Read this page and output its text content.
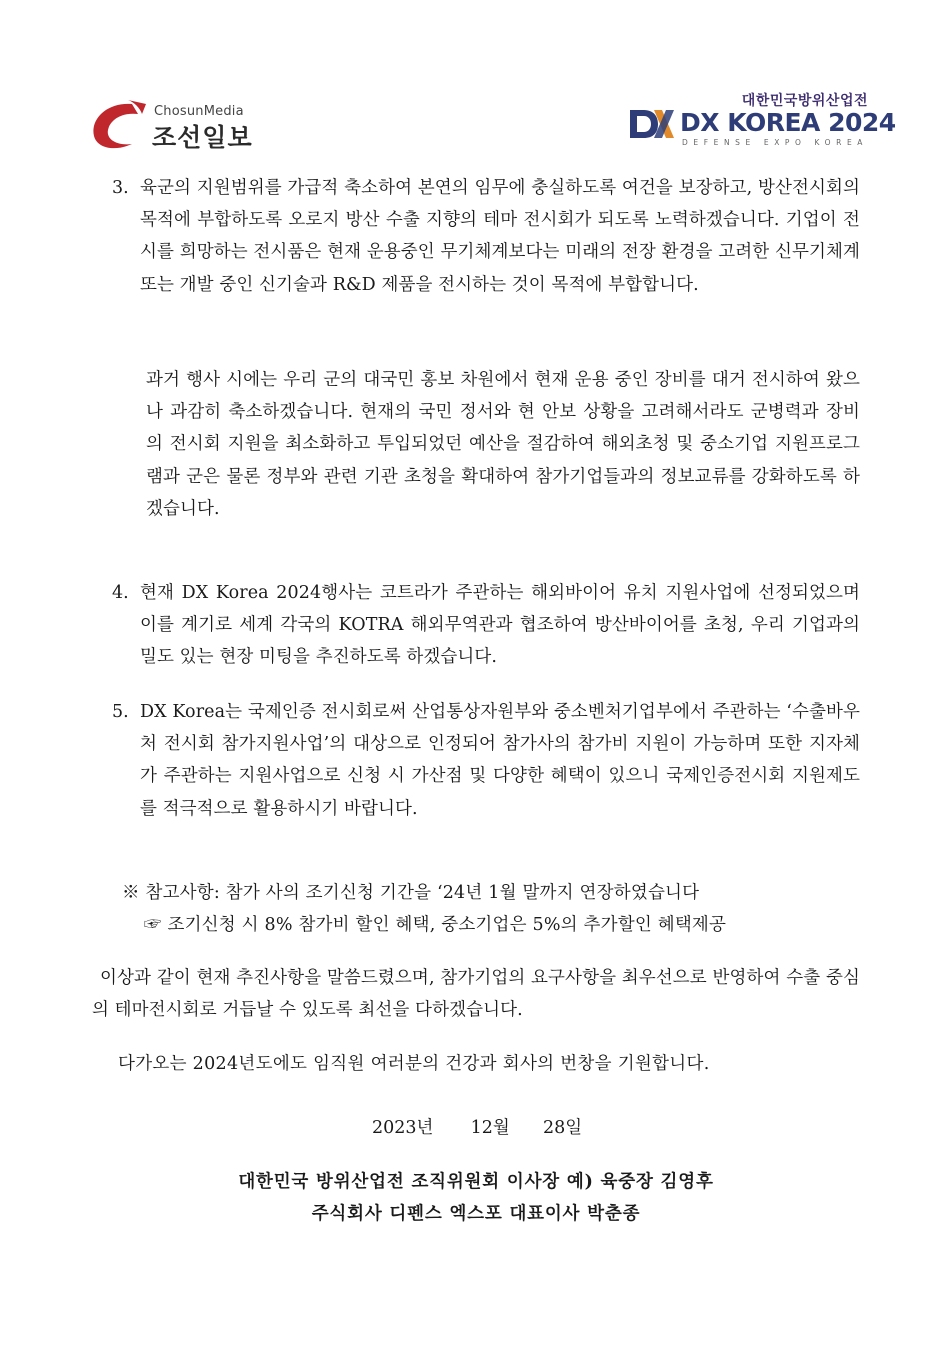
ChosunMedia
조선일보
대한민국방위산업전
DX KOREA 2024
DEFENSE EXPO KOREA
3. 육군의 지원범위를 가급적 축소하여 본연의 임무에 충실하도록 여건을 보장하고, 방산전시회의 목적에 부합하도록 오로지 방산 수출 지향의 테마 전시회가 되도록 노력하겠습니다. 기업이 전시를 희망하는 전시품은 현재 운용중인 무기체계보다는 미래의 전장 환경을 고려한 신무기체계 또는 개발 중인 신기술과 R&D 제품을 전시하는 것이 목적에 부합합니다.
과거 행사 시에는 우리 군의 대국민 홍보 차원에서 현재 운용 중인 장비를 대거 전시하여 왔으나 과감히 축소하겠습니다. 현재의 국민 정서와 현 안보 상황을 고려해서라도 군병력과 장비의 전시회 지원을 최소화하고 투입되었던 예산을 절감하여 해외초청 및 중소기업 지원프로그램과 군은 물론 정부와 관련 기관 초청을 확대하여 참가기업들과의 정보교류를 강화하도록 하겠습니다.
4. 현재 DX Korea 2024행사는 코트라가 주관하는 해외바이어 유치 지원사업에 선정되었으며 이를 계기로 세계 각국의 KOTRA 해외무역관과 협조하여 방산바이어를 초청, 우리 기업과의 밀도 있는 현장 미팅을 추진하도록 하겠습니다.
5. DX Korea는 국제인증 전시회로써 산업통상자원부와 중소벤처기업부에서 주관하는 ‘수출바우처 전시회 참가지원사업’의 대상으로 인정되어 참가사의 참가비 지원이 가능하며 또한 지자체가 주관하는 지원사업으로 신청 시 가산점 및 다양한 혜택이 있으니 국제인증전시회 지원제도를 적극적으로 활용하시기 바랍니다.
※ 참고사항: 참가 사의 조기신청 기간을 ‘24년 1월 말까지 연장하였습니다
☞ 조기신청 시 8% 참가비 할인 혜택, 중소기업은 5%의 추가할인 혜택제공
이상과 같이 현재 추진사항을 말씀드렸으며, 참가기업의 요구사항을 최우선으로 반영하여 수출 중심의 테마전시회로 거듭날 수 있도록 최선을 다하겠습니다.
다가오는 2024년도에도 임직원 여러분의 건강과 회사의 번창을 기원합니다.
2023년 12월 28일
대한민국 방위산업전 조직위원회 이사장 예) 육중장 김영후
주식회사 디펜스 엑스포 대표이사 박춘종
